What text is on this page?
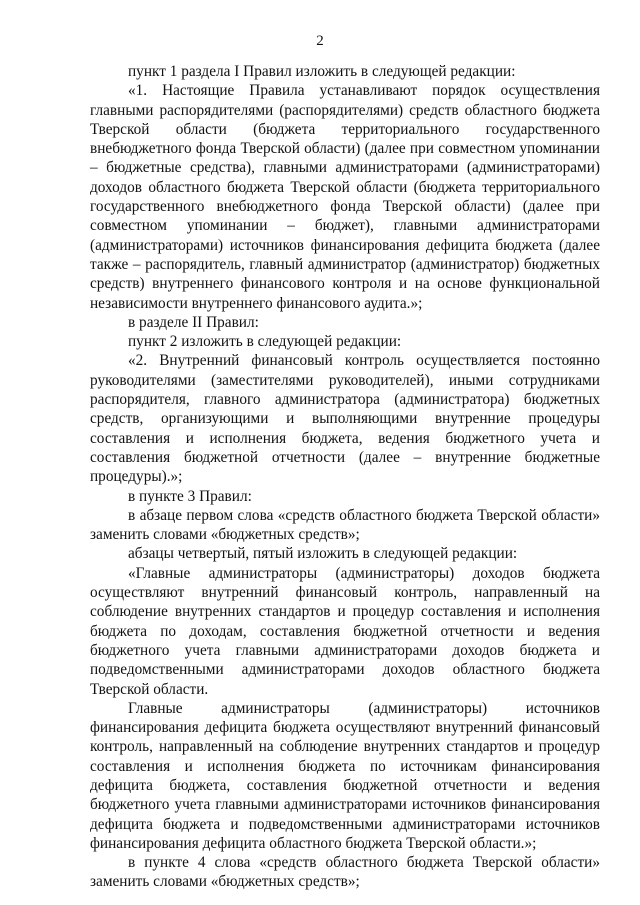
2

пункт 1 раздела I Правил изложить в следующей редакции:

«1. Настоящие Правила устанавливают порядок осуществления главными распорядителями (распорядителями) средств областного бюджета Тверской области (бюджета территориального государственного внебюджетного фонда Тверской области) (далее при совместном упоминании – бюджетные средства), главными администраторами (администраторами) доходов областного бюджета Тверской области (бюджета территориального государственного внебюджетного фонда Тверской области) (далее при совместном упоминании – бюджет), главными администраторами (администраторами) источников финансирования дефицита бюджета (далее также – распорядитель, главный администратор (администратор) бюджетных средств) внутреннего финансового контроля и на основе функциональной независимости внутреннего финансового аудита.»;

в разделе II Правил:

пункт 2 изложить в следующей редакции:

«2. Внутренний финансовый контроль осуществляется постоянно руководителями (заместителями руководителей), иными сотрудниками распорядителя, главного администратора (администратора) бюджетных средств, организующими и выполняющими внутренние процедуры составления и исполнения бюджета, ведения бюджетного учета и составления бюджетной отчетности (далее – внутренние бюджетные процедуры).»;

в пункте 3 Правил:

в абзаце первом слова «средств областного бюджета Тверской области» заменить словами «бюджетных средств»;

абзацы четвертый, пятый изложить в следующей редакции:

«Главные администраторы (администраторы) доходов бюджета осуществляют внутренний финансовый контроль, направленный на соблюдение внутренних стандартов и процедур составления и исполнения бюджета по доходам, составления бюджетной отчетности и ведения бюджетного учета главными администраторами доходов бюджета и подведомственными администраторами доходов областного бюджета Тверской области.

Главные администраторы (администраторы) источников финансирования дефицита бюджета осуществляют внутренний финансовый контроль, направленный на соблюдение внутренних стандартов и процедур составления и исполнения бюджета по источникам финансирования дефицита бюджета, составления бюджетной отчетности и ведения бюджетного учета главными администраторами источников финансирования дефицита бюджета и подведомственными администраторами источников финансирования дефицита областного бюджета Тверской области.»;

в пункте 4 слова «средств областного бюджета Тверской области» заменить словами «бюджетных средств»;
